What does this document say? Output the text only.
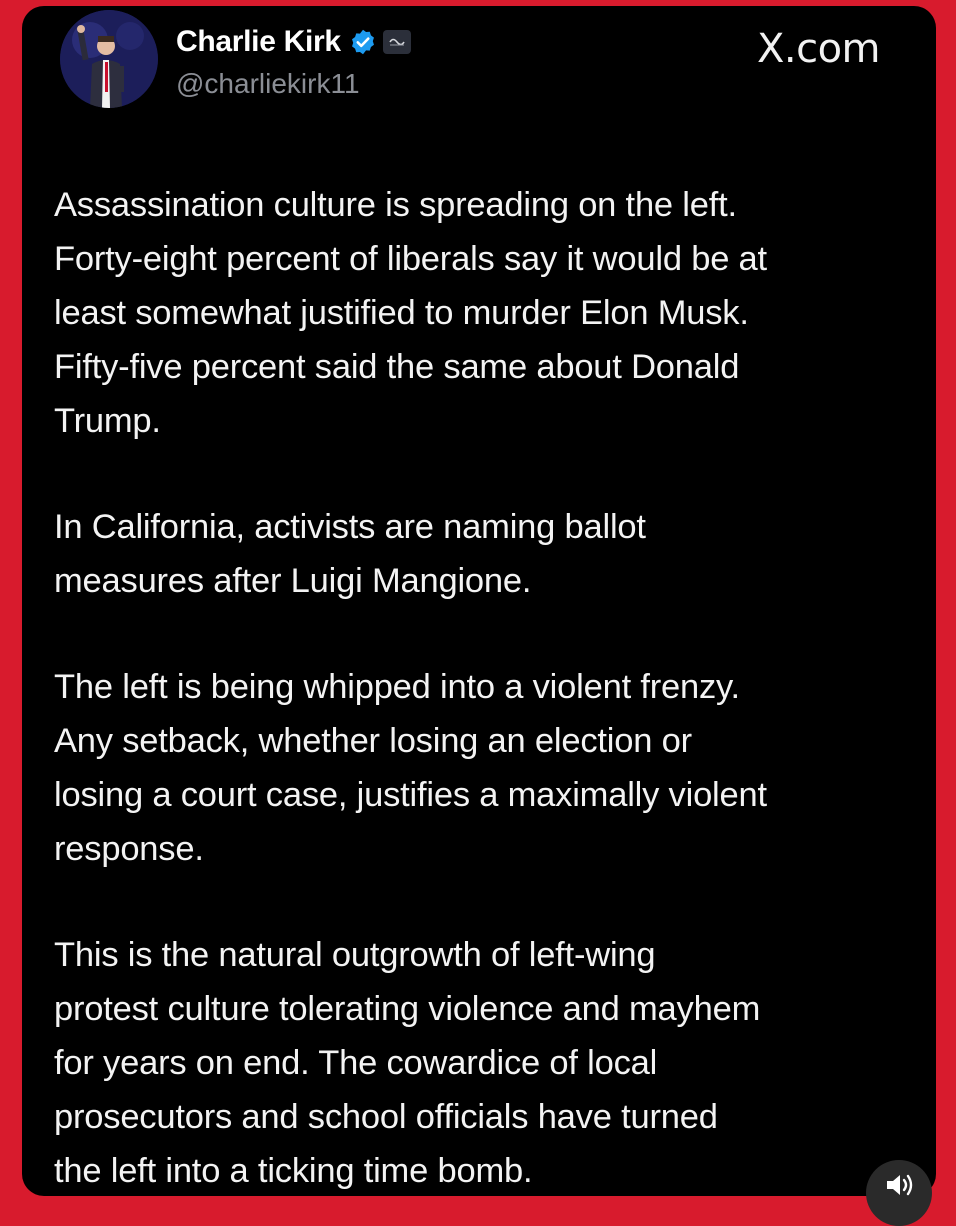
Charlie Kirk
@charliekirk11
X.com

Assassination culture is spreading on the left.
Forty-eight percent of liberals say it would be at
least somewhat justified to murder Elon Musk.
Fifty-five percent said the same about Donald
Trump.

In California, activists are naming ballot
measures after Luigi Mangione.

The left is being whipped into a violent frenzy.
Any setback, whether losing an election or
losing a court case, justifies a maximally violent
response.

This is the natural outgrowth of left-wing
protest culture tolerating violence and mayhem
for years on end. The cowardice of local
prosecutors and school officials have turned
the left into a ticking time bomb.
